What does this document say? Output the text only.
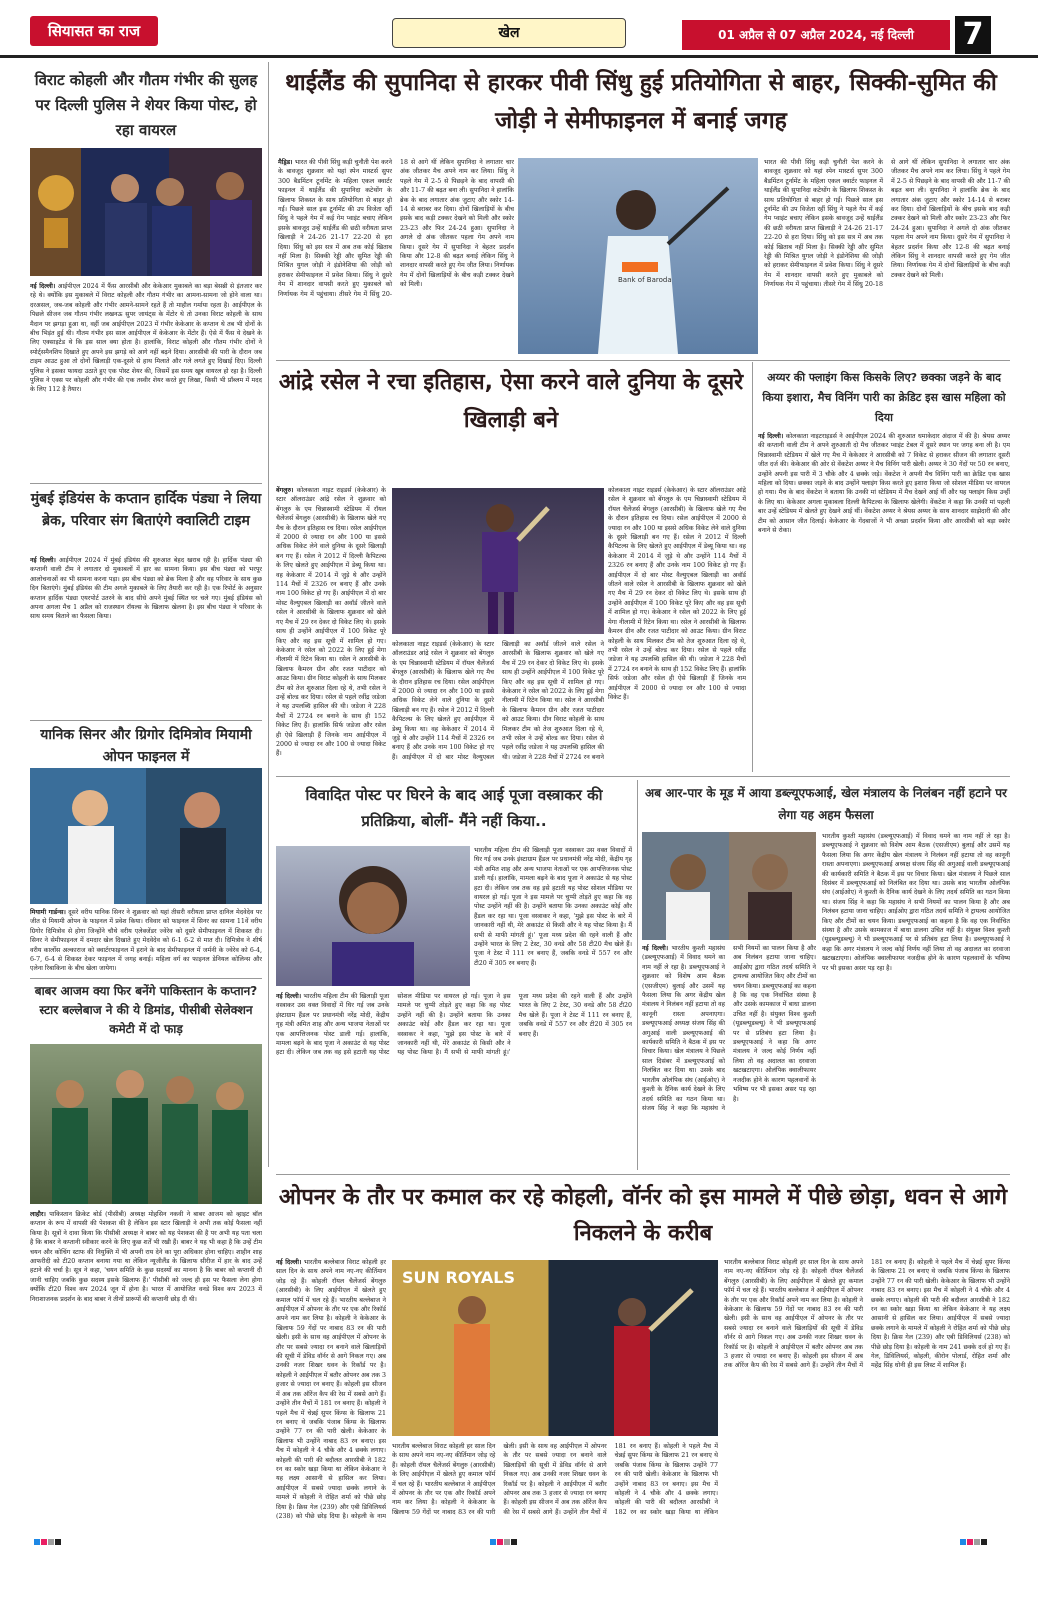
सियासत का राज	खेल	01 अप्रैल से 07 अप्रैल 2024, नई दिल्ली	7
विराट कोहली और गौतम गंभीर की सुलह पर दिल्ली पुलिस ने शेयर किया पोस्ट, हो रहा वायरल
नई दिल्ली। आईपीएल 2024 में फैंस आरसीबी और केकेआर मुकाबले का बड़ा बेसब्री से इंतजार कर रहे थे। क्योंकि इस मुकाबले में विराट कोहली और गौतम गंभीर का आमना-सामना जो होने वाला था। दरअसल, जब-जब कोहली और गंभीर आमने-सामने रहते हैं तो माहौल गर्माया रहता है। आईपीएल के पिछले सीजन जब गौतम गंभीर लखनऊ सुपर जायंट्स के मेंटोर थे तो उनका विराट कोहली के साथ मैदान पर झगड़ा हुआ था, वहीं जब आईपीएल 2023 में गंभीर केकेआर के कप्तान थे तब भी दोनों के बीच भिड़ंत हुई थी। गौतम गंभीर इस साल आईपीएल में केकेआर के मेंटोर हैं। ऐसे में फैंस ये देखने के लिए एक्साइटेड थे कि इस साल क्या होता है। हालांकि, विराट कोहली और गौतम गंभीर दोनों ने स्पोर्ट्समैनशिप दिखाते हुए अपने इस झगड़े को आगे नहीं बढ़ने दिया। आरसीबी की पारी के दौरान जब टाइम आउट हुआ तो दोनों खिलाड़ी एक-दूसरे से हाथ मिलाते और गले लगते हुए दिखाई दिए। दिल्ली पुलिस ने इसका फायदा उठाते हुए एक पोस्ट शेयर की, जिसमें इस समय खूब वायरल हो रहा है। दिल्ली पुलिस ने एक्स पर कोहली और गंभीर की एक तस्वीर शेयर करते हुए लिखा, किसी भी प्रॉब्लम में मदद के लिए 112 है तैयार।
मुंबई इंडियंस के कप्तान हार्दिक पंड्या ने लिया ब्रेक, परिवार संग बिताएंगे क्वालिटी टाइम
नई दिल्ली। आईपीएल 2024 में मुंबई इंडियंस की शुरुआत बेहद खराब रही है। हार्दिक पंड्या की कप्तानी वाली टीम ने लगातार दो मुकाबलों में हार का सामना किया। इस बीच पंड्या को भरपूर आलोचनाओं का भी सामना करना पड़ा। इस बीच पंड्या को ब्रेक मिला है और वह परिवार के साथ कुछ दिन बिताएंगे। मुंबई इंडियंस की टीम अगले मुकाबले के लिए तैयारी कर रही है। एक रिपोर्ट के अनुसार कप्तान हार्दिक पंड्या एयरपोर्ट उतरने के बाद सीधे अपने मुंबई स्थित घर चले गए। मुंबई इंडियंस को अपना अगला मैच 1 अप्रैल को राजस्थान रॉयल्स के खिलाफ खेलना है। इस बीच पंड्या ने परिवार के साथ समय बिताने का फैसला किया।
यानिक सिनर और ग्रिगोर दिमित्रोव मियामी ओपन फाइनल में
मियामी गार्डन्स। दूसरे वरीय यानिक सिनर ने शुक्रवार को यहां तीसरी वरीयता प्राप्त दानिल मेदवेदेव पर जीत से मियामी ओपन के फाइनल में प्रवेश किया। रविवार को फाइनल में सिनर का सामना 11वें वरीय ग्रिगोर दिमित्रोव से होगा जिन्होंने चौथे वरीय एलेक्जेंडर ज्वेरेव को दूसरे सेमीफाइनल में शिकस्त दी। सिनर ने सेमीफाइनल में दमदार खेल दिखाते हुए मेदवेदेव को 6-1 6-2 से मात दी। दिमित्रोव ने शीर्ष वरीय कार्लोस अल्काराज को क्वार्टरफाइनल में हराने के बाद सेमीफाइनल में जर्मनी के ज्वेरेव को 6-4, 6-7, 6-4 से शिकस्त देकर फाइनल में जगह बनाई। महिला वर्ग का फाइनल डेनियल कोलिन्स और एलेना रिबाकिना के बीच खेला जायेगा।
बाबर आजम क्या फिर बनेंगे पाकिस्तान के कप्तान? स्टार बल्लेबाज ने की ये डिमांड, पीसीबी सेलेक्शन कमेटी में दो फाड़
लाहौर। पाकिस्तान क्रिकेट बोर्ड (पीसीबी) अध्यक्ष मोहसिन नकवी ने बाबर आजम को व्हाइट बॉल कप्तान के रूप में वापसी की पेशकश की है लेकिन इस स्टार खिलाड़ी ने अभी तक कोई फैसला नहीं किया है। सूत्रों ने दावा किया कि पीसीबी अध्यक्ष ने बाबर को यह पेशकश की है पर अभी यह पता चला है कि बाबर ने कप्तानी स्वीकार करने के लिए कुछ शर्तें भी रखी हैं। बाबर ने यह भी कहा है कि उन्हें टीम चयन और कोचिंग स्टाफ की नियुक्ति में भी अपनी राय देने का पूरा अधिकार होना चाहिए। शाहीन शाह आफरीदी को टी20 कप्तान बनाया गया था लेकिन न्यूजीलैंड के खिलाफ सीरीज में हार के बाद उन्हें हटाने की चर्चा है। सूत्र ने कहा, 'चयन समिति के कुछ सदस्यों का मानना है कि बाबर को कप्तानी दी जानी चाहिए जबकि कुछ सदस्य इसके खिलाफ हैं।' पीसीबी को जल्द ही इस पर फैसला लेना होगा क्योंकि टी20 विश्व कप 2024 जून में होना है। भारत में आयोजित वनडे विश्व कप 2023 में निराशाजनक प्रदर्शन के बाद बाबर ने तीनों प्रारूपों की कप्तानी छोड़ दी थी।
थाईलैंड की सुपानिदा से हारकर पीवी सिंधु हुई प्रतियोगिता से बाहर, सिक्की-सुमित की जोड़ी ने सेमीफाइनल में बनाई जगह
मैड्रिड। भारत की पीवी सिंधु कड़ी चुनौती पेश करने के बावजूद शुक्रवार को यहां स्पेन मास्टर्स सुपर 300 बैडमिंटन टूर्नामेंट के महिला एकल क्वार्टर फाइनल में थाईलैंड की सुपानिदा कटेथोंग के खिलाफ शिकस्त के साथ प्रतियोगिता से बाहर हो गईं। पिछले साल इस टूर्नामेंट की उप विजेता रहीं सिंधु ने पहले गेम में कई गेम प्वाइंट बचाए लेकिन इसके बावजूद उन्हें थाईलैंड की छठी वरीयता प्राप्त खिलाड़ी ने 24-26 21-17 22-20 से हरा दिया। सिंधु को इस सत्र में अब तक कोई खिताब नहीं मिला है। सिक्की रेड्डी और सुमित रेड्डी की मिश्रित युगल जोड़ी ने इंडोनेशिया की जोड़ी को हराकर सेमीफाइनल में प्रवेश किया। सिंधु ने दूसरे गेम में शानदार वापसी करते हुए मुकाबले को निर्णायक गेम में पहुंचाया। तीसरे गेम में सिंधु 20-18 से आगे थीं लेकिन सुपानिदा ने लगातार चार अंक जीतकर मैच अपने नाम कर लिया। सिंधु ने पहले गेम में 2-5 से पिछड़ने के बाद वापसी की और 11-7 की बढ़त बना ली। सुपानिदा ने हालांकि ब्रेक के बाद लगातार अंक जुटाए और स्कोर 14-14 से बराबर कर दिया। दोनों खिलाड़ियों के बीच इसके बाद कड़ी टक्कर देखने को मिली और स्कोर 23-23 और फिर 24-24 हुआ। सुपानिदा ने अगले दो अंक जीतकर पहला गेम अपने नाम किया। दूसरे गेम में सुपानिदा ने बेहतर प्रदर्शन किया और 12-8 की बढ़त बनाई लेकिन सिंधु ने शानदार वापसी करते हुए गेम जीत लिया। निर्णायक गेम में दोनों खिलाड़ियों के बीच कड़ी टक्कर देखने को मिली।
Bank of Baroda
भारत की पीवी सिंधु कड़ी चुनौती पेश करने के बावजूद शुक्रवार को यहां स्पेन मास्टर्स सुपर 300 बैडमिंटन टूर्नामेंट के महिला एकल क्वार्टर फाइनल में थाईलैंड की सुपानिदा कटेथोंग के खिलाफ शिकस्त के साथ प्रतियोगिता से बाहर हो गईं। पिछले साल इस टूर्नामेंट की उप विजेता रहीं सिंधु ने पहले गेम में कई गेम प्वाइंट बचाए लेकिन इसके बावजूद उन्हें थाईलैंड की छठी वरीयता प्राप्त खिलाड़ी ने 24-26 21-17 22-20 से हरा दिया। सिंधु को इस सत्र में अब तक कोई खिताब नहीं मिला है। सिक्की रेड्डी और सुमित रेड्डी की मिश्रित युगल जोड़ी ने इंडोनेशिया की जोड़ी को हराकर सेमीफाइनल में प्रवेश किया। सिंधु ने दूसरे गेम में शानदार वापसी करते हुए मुकाबले को निर्णायक गेम में पहुंचाया। तीसरे गेम में सिंधु 20-18 से आगे थीं लेकिन सुपानिदा ने लगातार चार अंक जीतकर मैच अपने नाम कर लिया। सिंधु ने पहले गेम में 2-5 से पिछड़ने के बाद वापसी की और 11-7 की बढ़त बना ली। सुपानिदा ने हालांकि ब्रेक के बाद लगातार अंक जुटाए और स्कोर 14-14 से बराबर कर दिया। दोनों खिलाड़ियों के बीच इसके बाद कड़ी टक्कर देखने को मिली और स्कोर 23-23 और फिर 24-24 हुआ। सुपानिदा ने अगले दो अंक जीतकर पहला गेम अपने नाम किया। दूसरे गेम में सुपानिदा ने बेहतर प्रदर्शन किया और 12-8 की बढ़त बनाई लेकिन सिंधु ने शानदार वापसी करते हुए गेम जीत लिया। निर्णायक गेम में दोनों खिलाड़ियों के बीच कड़ी टक्कर देखने को मिली।
आंद्रे रसेल ने रचा इतिहास, ऐसा करने वाले दुनिया के दूसरे खिलाड़ी बने
बेंगलुरु। कोलकाता नाइट राइडर्स (केकेआर) के स्टार ऑलराउंडर आंद्रे रसेल ने शुक्रवार को बेंगलुरु के एम चिन्नास्वामी स्टेडियम में रॉयल चैलेंजर्स बेंगलुरु (आरसीबी) के खिलाफ खेले गए मैच के दौरान इतिहास रच दिया। रसेल आईपीएल में 2000 से ज्यादा रन और 100 या इससे अधिक विकेट लेने वाले दुनिया के दूसरे खिलाड़ी बन गए हैं। रसेल ने 2012 में दिल्ली कैपिटल्स के लिए खेलते हुए आईपीएल में डेब्यू किया था। वह केकेआर में 2014 में जुड़े थे और उन्होंने 114 मैचों में 2326 रन बनाए हैं और उनके नाम 100 विकेट हो गए हैं। आईपीएल में दो बार मोस्ट वैल्युएबल खिलाड़ी का अवॉर्ड जीतने वाले रसेल ने आरसीबी के खिलाफ शुक्रवार को खेले गए मैच में 29 रन देकर दो विकेट लिए थे। इसके साथ ही उन्होंने आईपीएल में 100 विकेट पूरे किए और वह इस सूची में शामिल हो गए। केकेआर ने रसेल को 2022 के लिए हुई मेगा नीलामी में रिटेन किया था। रसेल ने आरसीबी के खिलाफ कैमरन ग्रीन और रजत पाटीदार को आउट किया। ग्रीन विराट कोहली के साथ मिलकर टीम को तेज शुरुआत दिला रहे थे, तभी रसेल ने उन्हें बोल्ड कर दिया। रसेल से पहले रवींद्र जडेजा ने यह उपलब्धि हासिल की थी। जडेजा ने 228 मैचों में 2724 रन बनाने के साथ ही 152 विकेट लिए हैं। हालांकि सिर्फ जडेजा और रसेल ही ऐसे खिलाड़ी हैं जिनके नाम आईपीएल में 2000 से ज्यादा रन और 100 से ज्यादा विकेट हैं।
कोलकाता नाइट राइडर्स (केकेआर) के स्टार ऑलराउंडर आंद्रे रसेल ने शुक्रवार को बेंगलुरु के एम चिन्नास्वामी स्टेडियम में रॉयल चैलेंजर्स बेंगलुरु (आरसीबी) के खिलाफ खेले गए मैच के दौरान इतिहास रच दिया। रसेल आईपीएल में 2000 से ज्यादा रन और 100 या इससे अधिक विकेट लेने वाले दुनिया के दूसरे खिलाड़ी बन गए हैं। रसेल ने 2012 में दिल्ली कैपिटल्स के लिए खेलते हुए आईपीएल में डेब्यू किया था। वह केकेआर में 2014 में जुड़े थे और उन्होंने 114 मैचों में 2326 रन बनाए हैं और उनके नाम 100 विकेट हो गए हैं। आईपीएल में दो बार मोस्ट वैल्युएबल खिलाड़ी का अवॉर्ड जीतने वाले रसेल ने आरसीबी के खिलाफ शुक्रवार को खेले गए मैच में 29 रन देकर दो विकेट लिए थे। इसके साथ ही उन्होंने आईपीएल में 100 विकेट पूरे किए और वह इस सूची में शामिल हो गए। केकेआर ने रसेल को 2022 के लिए हुई मेगा नीलामी में रिटेन किया था। रसेल ने आरसीबी के खिलाफ कैमरन ग्रीन और रजत पाटीदार को आउट किया। ग्रीन विराट कोहली के साथ मिलकर टीम को तेज शुरुआत दिला रहे थे, तभी रसेल ने उन्हें बोल्ड कर दिया। रसेल से पहले रवींद्र जडेजा ने यह उपलब्धि हासिल की थी। जडेजा ने 228 मैचों में 2724 रन बनाने
कोलकाता नाइट राइडर्स (केकेआर) के स्टार ऑलराउंडर आंद्रे रसेल ने शुक्रवार को बेंगलुरु के एम चिन्नास्वामी स्टेडियम में रॉयल चैलेंजर्स बेंगलुरु (आरसीबी) के खिलाफ खेले गए मैच के दौरान इतिहास रच दिया। रसेल आईपीएल में 2000 से ज्यादा रन और 100 या इससे अधिक विकेट लेने वाले दुनिया के दूसरे खिलाड़ी बन गए हैं। रसेल ने 2012 में दिल्ली कैपिटल्स के लिए खेलते हुए आईपीएल में डेब्यू किया था। वह केकेआर में 2014 में जुड़े थे और उन्होंने 114 मैचों में 2326 रन बनाए हैं और उनके नाम 100 विकेट हो गए हैं। आईपीएल में दो बार मोस्ट वैल्युएबल खिलाड़ी का अवॉर्ड जीतने वाले रसेल ने आरसीबी के खिलाफ शुक्रवार को खेले गए मैच में 29 रन देकर दो विकेट लिए थे। इसके साथ ही उन्होंने आईपीएल में 100 विकेट पूरे किए और वह इस सूची में शामिल हो गए। केकेआर ने रसेल को 2022 के लिए हुई मेगा नीलामी में रिटेन किया था। रसेल ने आरसीबी के खिलाफ कैमरन ग्रीन और रजत पाटीदार को आउट किया। ग्रीन विराट कोहली के साथ मिलकर टीम को तेज शुरुआत दिला रहे थे, तभी रसेल ने उन्हें बोल्ड कर दिया। रसेल से पहले रवींद्र जडेजा ने यह उपलब्धि हासिल की थी। जडेजा ने 228 मैचों में 2724 रन बनाने के साथ ही 152 विकेट लिए हैं। हालांकि सिर्फ जडेजा और रसेल ही ऐसे खिलाड़ी हैं जिनके नाम आईपीएल में 2000 से ज्यादा रन और 100 से ज्यादा विकेट हैं।
अय्यर की फ्लाइंग किस किसके लिए? छक्का जड़ने के बाद किया इशारा, मैच विनिंग पारी का क्रेडिट इस खास महिला को दिया
नई दिल्ली। कोलकाता नाइटराइडर्स ने आईपीएल 2024 की शुरुआत धमाकेदार अंदाज में की है। श्रेयस अय्यर की कप्तानी वाली टीम ने अपने शुरुआती दो मैच जीतकर प्वाइंट टेबल में दूसरे स्थान पर जगह बना ली है। एम चिन्नास्वामी स्टेडियम में खेले गए मैच में केकेआर ने आरसीबी को 7 विकेट से हराकर सीजन की लगातार दूसरी जीत दर्ज की। केकेआर की ओर से वेंकटेश अय्यर ने मैच विनिंग पारी खेली। अय्यर ने 30 गेंदों पर 50 रन बनाए, उन्होंने अपनी इस पारी में 3 चौके और 4 छक्के जड़े। वेंकटेश ने अपनी मैच विनिंग पारी का क्रेडिट एक खास महिला को दिया। छक्का जड़ने के बाद उन्होंने फ्लाइंग किस करते हुए इशारा किया जो सोशल मीडिया पर वायरल हो गया। मैच के बाद वेंकटेश ने बताया कि उनकी मां स्टेडियम में मैच देखने आई थीं और यह फ्लाइंग किस उन्हीं के लिए था। केकेआर अगला मुकाबला दिल्ली कैपिटल्स के खिलाफ खेलेगी। वेंकटेश ने कहा कि उनकी मां पहली बार उन्हें स्टेडियम में खेलते हुए देखने आई थीं। वेंकटेश अय्यर ने श्रेयस अय्यर के साथ शानदार साझेदारी की और टीम को आसान जीत दिलाई। केकेआर के गेंदबाजों ने भी अच्छा प्रदर्शन किया और आरसीबी को बड़ा स्कोर बनाने से रोका।
विवादित पोस्ट पर घिरने के बाद आई पूजा वस्त्राकर की प्रतिक्रिया, बोलीं- मैंने नहीं किया..
भारतीय महिला टीम की खिलाड़ी पूजा वस्त्राकर उस वक्त विवादों में घिर गई जब उनके इंस्टाग्राम हैंडल पर प्रधानमंत्री नरेंद्र मोदी, केंद्रीय गृह मंत्री अमित शाह और अन्य भाजपा नेताओं पर एक आपत्तिजनक पोस्ट डाली गई। हालांकि, मामला बढ़ने के बाद पूजा ने अकाउंट से यह पोस्ट हटा दी। लेकिन जब तक वह इसे हटाती यह पोस्ट सोशल मीडिया पर वायरल हो गई। पूजा ने इस मामले पर चुप्पी तोड़ते हुए कहा कि वह पोस्ट उन्होंने नहीं की है। उन्होंने बताया कि उनका अकाउंट कोई और हैंडल कर रहा था। पूजा वस्त्राकर ने कहा, 'मुझे इस पोस्ट के बारे में जानकारी नहीं थी, मेरे अकाउंट से किसी और ने यह पोस्ट किया है। मैं सभी से माफी मांगती हूं।' पूजा मध्य प्रदेश की रहने वाली हैं और उन्होंने भारत के लिए 2 टेस्ट, 30 वनडे और 58 टी20 मैच खेले हैं। पूजा ने टेस्ट में 111 रन बनाए हैं, जबकि वनडे में 557 रन और टी20 में 305 रन बनाए हैं।
नई दिल्ली। भारतीय महिला टीम की खिलाड़ी पूजा वस्त्राकर उस वक्त विवादों में घिर गई जब उनके इंस्टाग्राम हैंडल पर प्रधानमंत्री नरेंद्र मोदी, केंद्रीय गृह मंत्री अमित शाह और अन्य भाजपा नेताओं पर एक आपत्तिजनक पोस्ट डाली गई। हालांकि, मामला बढ़ने के बाद पूजा ने अकाउंट से यह पोस्ट हटा दी। लेकिन जब तक वह इसे हटाती यह पोस्ट सोशल मीडिया पर वायरल हो गई। पूजा ने इस मामले पर चुप्पी तोड़ते हुए कहा कि वह पोस्ट उन्होंने नहीं की है। उन्होंने बताया कि उनका अकाउंट कोई और हैंडल कर रहा था। पूजा वस्त्राकर ने कहा, 'मुझे इस पोस्ट के बारे में जानकारी नहीं थी, मेरे अकाउंट से किसी और ने यह पोस्ट किया है। मैं सभी से माफी मांगती हूं।' पूजा मध्य प्रदेश की रहने वाली हैं और उन्होंने भारत के लिए 2 टेस्ट, 30 वनडे और 58 टी20 मैच खेले हैं। पूजा ने टेस्ट में 111 रन बनाए हैं, जबकि वनडे में 557 रन और टी20 में 305 रन बनाए हैं।
अब आर-पार के मूड में आया डब्ल्यूएफआई, खेल मंत्रालय के निलंबन नहीं हटाने पर लेगा यह अहम फैसला
नई दिल्ली। भारतीय कुश्ती महासंघ (डब्ल्यूएफआई) में विवाद थमने का नाम नहीं ले रहा है। डब्ल्यूएफआई ने शुक्रवार को विशेष आम बैठक (एसजीएम) बुलाई और उसमें यह फैसला लिया कि अगर केंद्रीय खेल मंत्रालय ने निलंबन नहीं हटाया तो वह कानूनी रास्ता अपनाएगा। डब्ल्यूएफआई अध्यक्ष संजय सिंह की अगुआई वाली डब्ल्यूएफआई की कार्यकारी समिति ने बैठक में इस पर विचार किया। खेल मंत्रालय ने पिछले साल दिसंबर में डब्ल्यूएफआई को निलंबित कर दिया था। उसके बाद भारतीय ओलंपिक संघ (आईओए) ने कुश्ती के दैनिक कार्य देखने के लिए तदर्थ समिति का गठन किया था। संजय सिंह ने कहा कि महासंघ ने सभी नियमों का पालन किया है और अब निलंबन हटाया जाना चाहिए। आईओए द्वारा गठित तदर्थ समिति ने ट्रायल्स आयोजित किए और टीमों का चयन किया। डब्ल्यूएफआई का कहना है कि वह एक निर्वाचित संस्था है और उसके कामकाज में बाधा डालना उचित नहीं है। संयुक्त विश्व कुश्ती (यूडब्ल्यूडब्ल्यू) ने भी डब्ल्यूएफआई पर से प्रतिबंध हटा लिया है। डब्ल्यूएफआई ने कहा कि अगर मंत्रालय ने जल्द कोई निर्णय नहीं लिया तो वह अदालत का दरवाजा खटखटाएगा। ओलंपिक क्वालीफायर नजदीक होने के कारण पहलवानों के भविष्य पर भी इसका असर पड़ रहा है।
भारतीय कुश्ती महासंघ (डब्ल्यूएफआई) में विवाद थमने का नाम नहीं ले रहा है। डब्ल्यूएफआई ने शुक्रवार को विशेष आम बैठक (एसजीएम) बुलाई और उसमें यह फैसला लिया कि अगर केंद्रीय खेल मंत्रालय ने निलंबन नहीं हटाया तो वह कानूनी रास्ता अपनाएगा। डब्ल्यूएफआई अध्यक्ष संजय सिंह की अगुआई वाली डब्ल्यूएफआई की कार्यकारी समिति ने बैठक में इस पर विचार किया। खेल मंत्रालय ने पिछले साल दिसंबर में डब्ल्यूएफआई को निलंबित कर दिया था। उसके बाद भारतीय ओलंपिक संघ (आईओए) ने कुश्ती के दैनिक कार्य देखने के लिए तदर्थ समिति का गठन किया था। संजय सिंह ने कहा कि महासंघ ने सभी नियमों का पालन किया है और अब निलंबन हटाया जाना चाहिए। आईओए द्वारा गठित तदर्थ समिति ने ट्रायल्स आयोजित किए और टीमों का चयन किया। डब्ल्यूएफआई का कहना है कि वह एक निर्वाचित संस्था है और उसके कामकाज में बाधा डालना उचित नहीं है। संयुक्त विश्व कुश्ती (यूडब्ल्यूडब्ल्यू) ने भी डब्ल्यूएफआई पर से प्रतिबंध हटा लिया है। डब्ल्यूएफआई ने कहा कि अगर मंत्रालय ने जल्द कोई निर्णय नहीं लिया तो वह अदालत का दरवाजा खटखटाएगा। ओलंपिक क्वालीफायर नजदीक होने के कारण पहलवानों के भविष्य पर भी इसका असर पड़ रहा है।
ओपनर के तौर पर कमाल कर रहे कोहली, वॉर्नर को इस मामले में पीछे छोड़ा, धवन से आगे निकलने के करीब
नई दिल्ली। भारतीय बल्लेबाज विराट कोहली हर साल दिन के साथ अपने नाम नए-नए कीर्तिमान जोड़ रहे हैं। कोहली रॉयल चैलेंजर्स बेंगलुरु (आरसीबी) के लिए आईपीएल में खेलते हुए कमाल फॉर्म में चल रहे हैं। भारतीय बल्लेबाज ने आईपीएल में ओपनर के तौर पर एक और रिकॉर्ड अपने नाम कर लिया है। कोहली ने केकेआर के खिलाफ 59 गेंदों पर नाबाद 83 रन की पारी खेली। इसी के साथ वह आईपीएल में ओपनर के तौर पर सबसे ज्यादा रन बनाने वाले खिलाड़ियों की सूची में डेविड वॉर्नर से आगे निकल गए। अब उनकी नजर शिखर धवन के रिकॉर्ड पर है। कोहली ने आईपीएल में बतौर ओपनर अब तक 3 हजार से ज्यादा रन बनाए हैं। कोहली इस सीजन में अब तक ऑरेंज कैप की रेस में सबसे आगे हैं। उन्होंने तीन मैचों में 181 रन बनाए हैं। कोहली ने पहले मैच में चेन्नई सुपर किंग्स के खिलाफ 21 रन बनाए थे जबकि पंजाब किंग्स के खिलाफ उन्होंने 77 रन की पारी खेली। केकेआर के खिलाफ भी उन्होंने नाबाद 83 रन बनाए। इस मैच में कोहली ने 4 चौके और 4 छक्के लगाए। कोहली की पारी की बदौलत आरसीबी ने 182 रन का स्कोर खड़ा किया था लेकिन केकेआर ने यह लक्ष्य आसानी से हासिल कर लिया। आईपीएल में सबसे ज्यादा छक्के लगाने के मामले में कोहली ने रोहित शर्मा को पीछे छोड़ दिया है। क्रिस गेल (239) और एबी डिविलियर्स (238) को पीछे छोड़ दिया है। कोहली के नाम
SUN ROYALS
भारतीय बल्लेबाज विराट कोहली हर साल दिन के साथ अपने नाम नए-नए कीर्तिमान जोड़ रहे हैं। कोहली रॉयल चैलेंजर्स बेंगलुरु (आरसीबी) के लिए आईपीएल में खेलते हुए कमाल फॉर्म में चल रहे हैं। भारतीय बल्लेबाज ने आईपीएल में ओपनर के तौर पर एक और रिकॉर्ड अपने नाम कर लिया है। कोहली ने केकेआर के खिलाफ 59 गेंदों पर नाबाद 83 रन की पारी खेली। इसी के साथ वह आईपीएल में ओपनर के तौर पर सबसे ज्यादा रन बनाने वाले खिलाड़ियों की सूची में डेविड वॉर्नर से आगे निकल गए। अब उनकी नजर शिखर धवन के रिकॉर्ड पर है। कोहली ने आईपीएल में बतौर ओपनर अब तक 3 हजार से ज्यादा रन बनाए हैं। कोहली इस सीजन में अब तक ऑरेंज कैप की रेस में सबसे आगे हैं। उन्होंने तीन मैचों में 181 रन बनाए हैं। कोहली ने पहले मैच में चेन्नई सुपर किंग्स के खिलाफ 21 रन बनाए थे जबकि पंजाब किंग्स के खिलाफ उन्होंने 77 रन की पारी खेली। केकेआर के खिलाफ भी उन्होंने नाबाद 83 रन बनाए। इस मैच में कोहली ने 4 चौके और 4 छक्के लगाए। कोहली की पारी की बदौलत आरसीबी ने 182 रन का स्कोर खड़ा किया था लेकिन
भारतीय बल्लेबाज विराट कोहली हर साल दिन के साथ अपने नाम नए-नए कीर्तिमान जोड़ रहे हैं। कोहली रॉयल चैलेंजर्स बेंगलुरु (आरसीबी) के लिए आईपीएल में खेलते हुए कमाल फॉर्म में चल रहे हैं। भारतीय बल्लेबाज ने आईपीएल में ओपनर के तौर पर एक और रिकॉर्ड अपने नाम कर लिया है। कोहली ने केकेआर के खिलाफ 59 गेंदों पर नाबाद 83 रन की पारी खेली। इसी के साथ वह आईपीएल में ओपनर के तौर पर सबसे ज्यादा रन बनाने वाले खिलाड़ियों की सूची में डेविड वॉर्नर से आगे निकल गए। अब उनकी नजर शिखर धवन के रिकॉर्ड पर है। कोहली ने आईपीएल में बतौर ओपनर अब तक 3 हजार से ज्यादा रन बनाए हैं। कोहली इस सीजन में अब तक ऑरेंज कैप की रेस में सबसे आगे हैं। उन्होंने तीन मैचों में 181 रन बनाए हैं। कोहली ने पहले मैच में चेन्नई सुपर किंग्स के खिलाफ 21 रन बनाए थे जबकि पंजाब किंग्स के खिलाफ उन्होंने 77 रन की पारी खेली। केकेआर के खिलाफ भी उन्होंने नाबाद 83 रन बनाए। इस मैच में कोहली ने 4 चौके और 4 छक्के लगाए। कोहली की पारी की बदौलत आरसीबी ने 182 रन का स्कोर खड़ा किया था लेकिन केकेआर ने यह लक्ष्य आसानी से हासिल कर लिया। आईपीएल में सबसे ज्यादा छक्के लगाने के मामले में कोहली ने रोहित शर्मा को पीछे छोड़ दिया है। क्रिस गेल (239) और एबी डिविलियर्स (238) को पीछे छोड़ दिया है। कोहली के नाम 241 छक्के दर्ज हो गए हैं। गेल, डिविलियर्स, कोहली, कीरोन पोलार्ड, रोहित शर्मा और महेंद्र सिंह धोनी ही इस लिस्ट में शामिल हैं।
